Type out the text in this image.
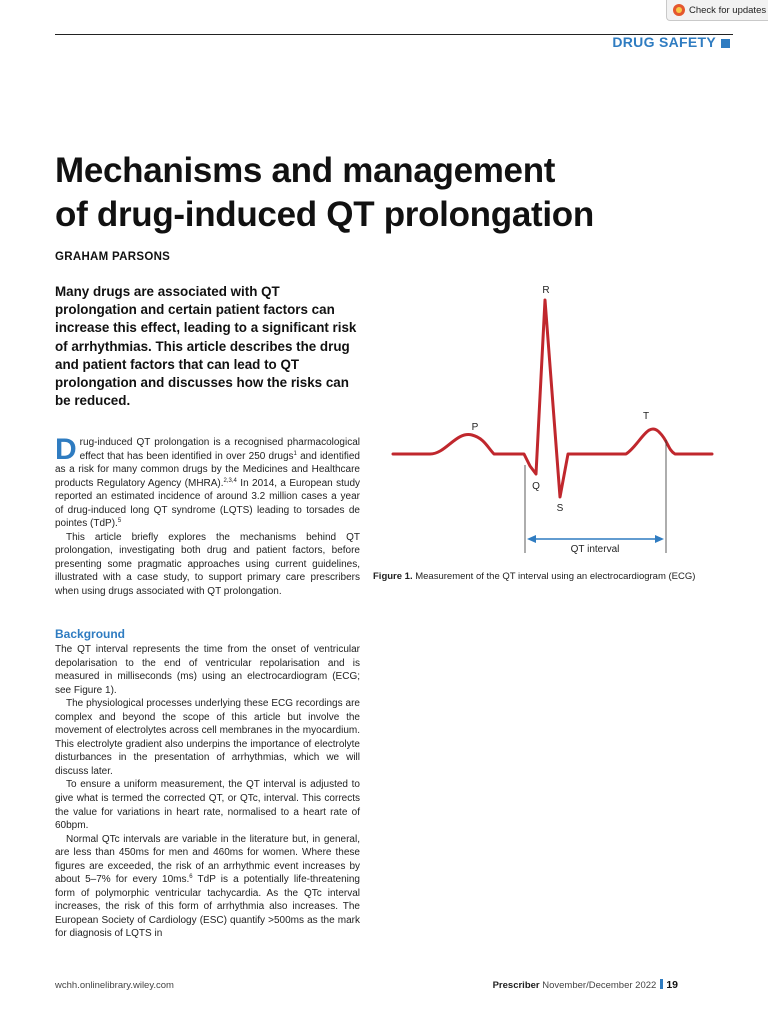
Check for updates
DRUG SAFETY
Mechanisms and management
of drug-induced QT prolongation
GRAHAM PARSONS
Many drugs are associated with QT prolongation and certain patient factors can increase this effect, leading to a significant risk of arrhythmias. This article describes the drug and patient factors that can lead to QT prolongation and discusses how the risks can be reduced.

Drug-induced QT prolongation is a recognised pharmacological effect that has been identified in over 250 drugs$^1$ and identified as a risk for many common drugs by the Medicines and Healthcare products Regulatory Agency (MHRA).$^{2,3,4}$ In 2014, a European study reported an estimated incidence of around 3.2 million cases a year of drug-induced long QT syndrome (LQTS) leading to torsades de pointes (TdP).$^5$

This article briefly explores the mechanisms behind QT prolongation, investigating both drug and patient factors, before presenting some pragmatic approaches using current guidelines, illustrated with a case study, to support primary care prescribers when using drugs associated with QT prolongation.

Background

The QT interval represents the time from the onset of ventricular depolarisation to the end of ventricular repolarisation and is measured in milliseconds (ms) using an electrocardiogram (ECG; see Figure 1).

The physiological processes underlying these ECG recordings are complex and beyond the scope of this article but involve the movement of electrolytes across cell membranes in the myocardium. This electrolyte gradient also underpins the importance of electrolyte disturbances in the presentation of arrhythmias, which we will discuss later.

To ensure a uniform measurement, the QT interval is adjusted to give what is termed the corrected QT, or QTc, interval. This corrects the value for variations in heart rate, normalised to a heart rate of 60bpm.

Normal QTc intervals are variable in the literature but, in general, are less than 450ms for men and 460ms for women. Where these figures are exceeded, the risk of an arrhythmic event increases by about 5–7% for every 10ms.$^6$ TdP is a potentially life-threatening form of polymorphic ventricular tachycardia. As the QTc interval increases, the risk of this form of arrhythmia also increases. The European Society of Cardiology (ESC) quantify >500ms as the mark for diagnosis of LQTS in

R
P
T
Q
S
QT interval
Figure 1. Measurement of the QT interval using an electrocardiogram (ECG)
wchh.onlinelibrary.wiley.com	Prescriber November/December 2022 19
